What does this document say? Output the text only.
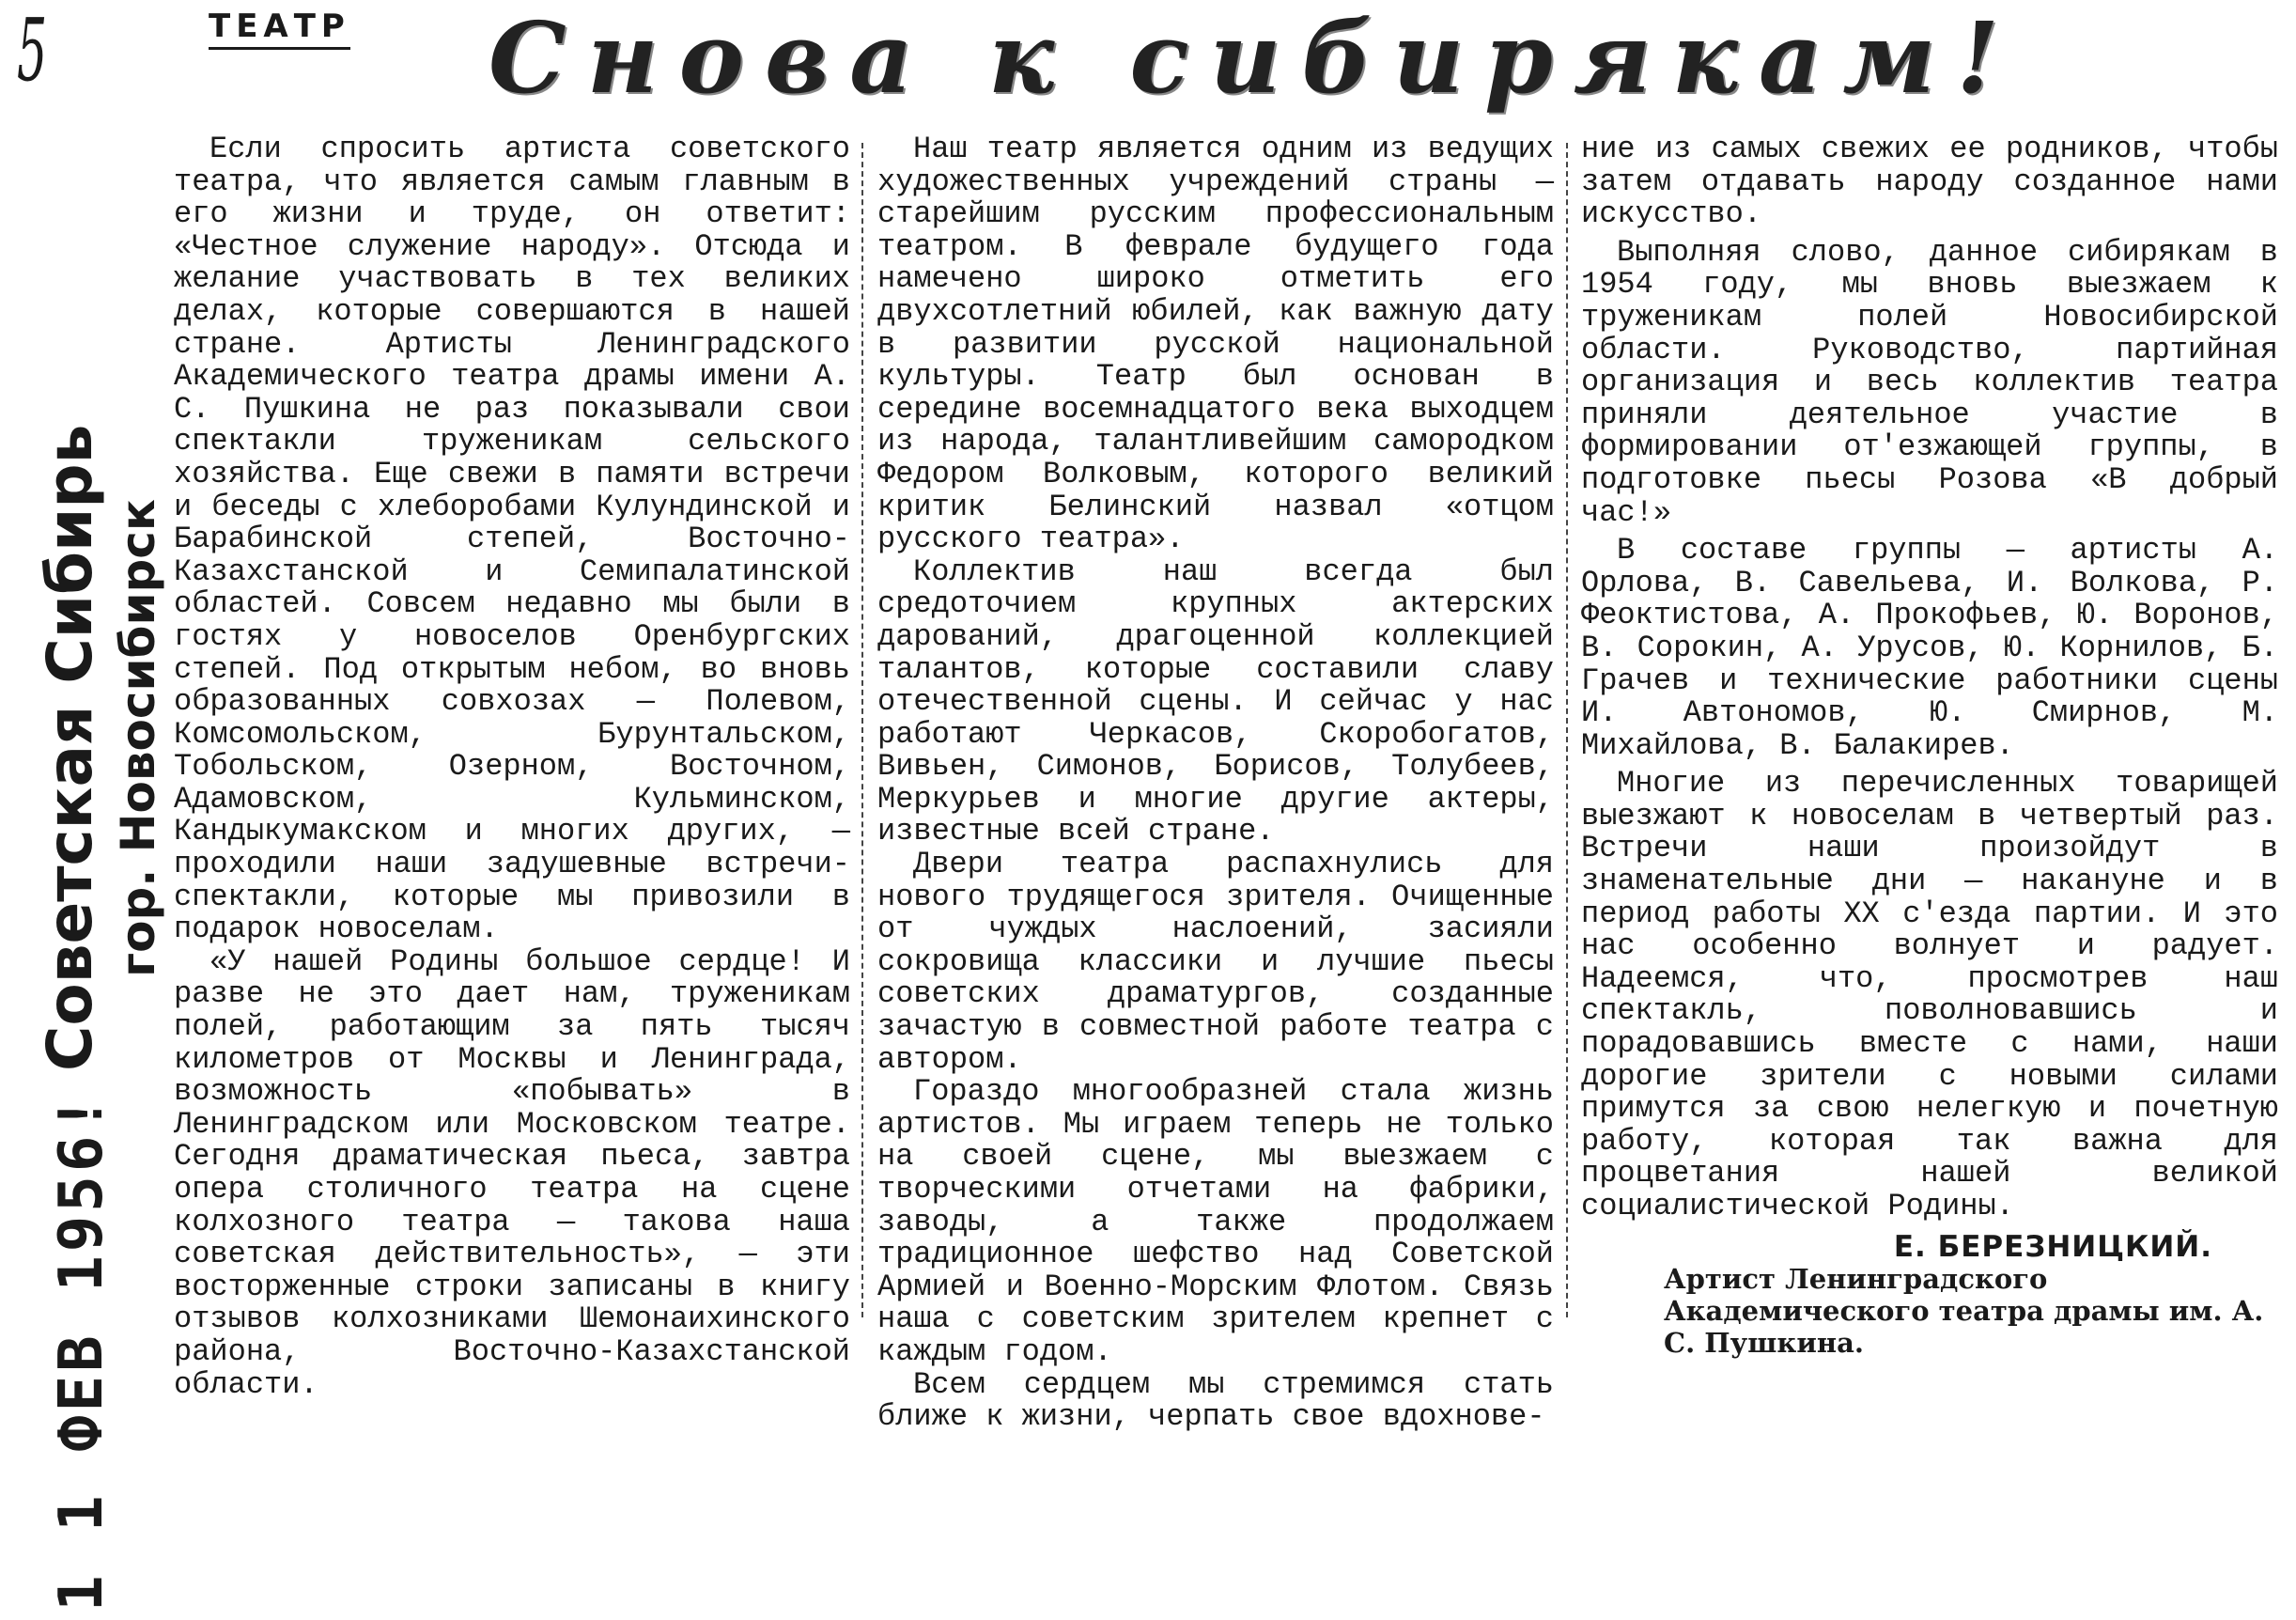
5
Советская Сибирь гор. Новосибирск
1 1 ФЕВ 1956!
ТЕАТР Снова к сибирякам!

Если спросить артиста советского театра, что является самым главным в его жизни и труде, он ответит: «Честное служение народу». Отсюда и желание участвовать в тех великих делах, которые совершаются в нашей стране. Артисты Ленинградского Академического театра драмы имени А. С. Пушкина не раз показывали свои спектакли труженикам сельского хозяйства. Еще свежи в памяти встречи и беседы с хлеборобами Кулундинской и Барабинской степей, Восточно-Казахстанской и Семипалатинской областей. Совсем недавно мы были в гостях у новоселов Оренбургских степей. Под открытым небом, во вновь образованных совхозах — Полевом, Комсомольском, Бурунтальском, Тобольском, Озерном, Восточном, Адамовском, Кульминском, Кандыкумакском и многих других, — проходили наши задушевные встречи-спектакли, которые мы привозили в подарок новоселам.

«У нашей Родины большое сердце! И разве не это дает нам, труженикам полей, работающим за пять тысяч километров от Москвы и Ленинграда, возможность «побывать» в Ленинградском или Московском театре. Сегодня драматическая пьеса, завтра опера столичного театра на сцене колхозного театра — такова наша советская действительность», — эти восторженные строки записаны в книгу отзывов колхозниками Шемонаихинского района, Восточно-Казахстанской области.

Наш театр является одним из ведущих художественных учреждений страны — старейшим русским профессиональным театром. В феврале будущего года намечено широко отметить его двухсотлетний юбилей, как важную дату в развитии русской национальной культуры. Театр был основан в середине восемнадцатого века выходцем из народа, талантливейшим самородком Федором Волковым, которого великий критик Белинский назвал «отцом русского театра».

Коллектив наш всегда был средоточием крупных актерских дарований, драгоценной коллекцией талантов, которые составили славу отечественной сцены. И сейчас у нас работают Черкасов, Скоробогатов, Вивьен, Симонов, Борисов, Толубеев, Меркурьев и многие другие актеры, известные всей стране.

Двери театра распахнулись для нового трудящегося зрителя. Очищенные от чуждых наслоений, засияли сокровища классики и лучшие пьесы советских драматургов, созданные зачастую в совместной работе театра с автором.

Гораздо многообразней стала жизнь артистов. Мы играем теперь не только на своей сцене, мы выезжаем с творческими отчетами на фабрики, заводы, а также продолжаем традиционное шефство над Советской Армией и Военно-Морским Флотом. Связь наша с советским зрителем крепнет с каждым годом.

Всем сердцем мы стремимся стать ближе к жизни, черпать свое вдохнове-

ние из самых свежих ее родников, чтобы затем отдавать народу созданное нами искусство.

Выполняя слово, данное сибирякам в 1954 году, мы вновь выезжаем к труженикам полей Новосибирской области. Руководство, партийная организация и весь коллектив театра приняли деятельное участие в формировании от'езжающей группы, в подготовке пьесы Розова «В добрый час!»

В составе группы — артисты А. Орлова, В. Савельева, И. Волкова, Р. Феоктистова, А. Прокофьев, Ю. Воронов, В. Сорокин, А. Урусов, Ю. Корнилов, Б. Грачев и технические работники сцены И. Автономов, Ю. Смирнов, М. Михайлова, В. Балакирев.

Многие из перечисленных товарищей выезжают к новоселам в четвертый раз. Встречи наши произойдут в знаменательные дни — накануне и в период работы XX с'езда партии. И это нас особенно волнует и радует. Надеемся, что, просмотрев наш спектакль, поволновавшись и порадовавшись вместе с нами, наши дорогие зрители с новыми силами примутся за свою нелегкую и почетную работу, которая так важна для процветания нашей великой социалистической Родины.

Е. БЕРЕЗНИЦКИЙ.

Артист Ленинградского Академического театра драмы им. А. С. Пушкина.
